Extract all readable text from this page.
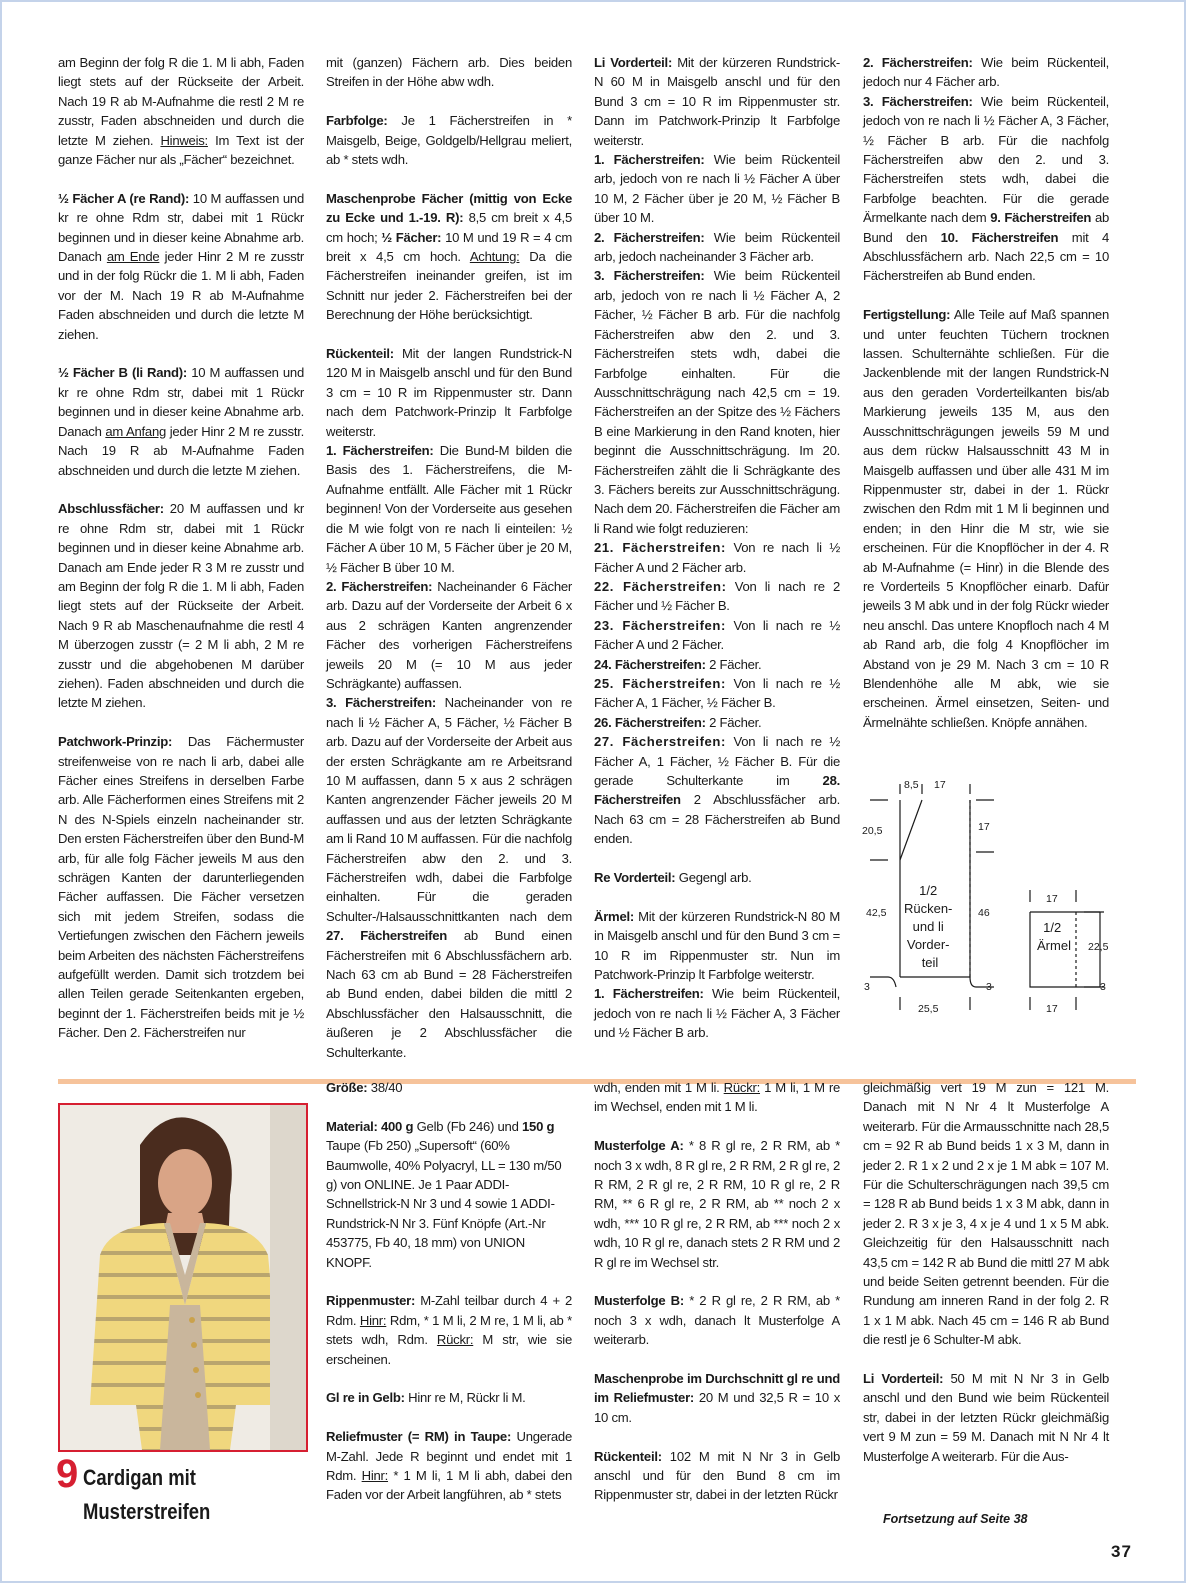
am Beginn der folg R die 1. M li abh, Faden liegt stets auf der Rückseite der Arbeit. Nach 19 R ab M-Aufnahme die restl 2 M re zusstr, Faden abschneiden und durch die letzte M ziehen. Hinweis: Im Text ist der ganze Fächer nur als „Fächer“ bezeichnet.

½ Fächer A (re Rand): 10 M auffassen und kr re ohne Rdm str, dabei mit 1 Rückr beginnen und in dieser keine Abnahme arb. Danach am Ende jeder Hinr 2 M re zusstr und in der folg Rückr die 1. M li abh, Faden vor der M. Nach 19 R ab M-Aufnahme Faden abschneiden und durch die letzte M ziehen.

½ Fächer B (li Rand): 10 M auffassen und kr re ohne Rdm str, dabei mit 1 Rückr beginnen und in dieser keine Abnahme arb. Danach am Anfang jeder Hinr 2 M re zusstr. Nach 19 R ab M-Aufnahme Faden abschneiden und durch die letzte M ziehen.

Abschlussfächer: 20 M auffassen und kr re ohne Rdm str, dabei mit 1 Rückr beginnen und in dieser keine Abnahme arb. Danach am Ende jeder R 3 M re zusstr und am Beginn der folg R die 1. M li abh, Faden liegt stets auf der Rückseite der Arbeit. Nach 9 R ab Maschenaufnahme die restl 4 M überzogen zusstr (= 2 M li abh, 2 M re zusstr und die abgehobenen M darüber ziehen). Faden abschneiden und durch die letzte M ziehen.

Patchwork-Prinzip: Das Fächermuster streifenweise von re nach li arb, dabei alle Fächer eines Streifens in derselben Farbe arb. Alle Fächerformen eines Streifens mit 2 N des N-Spiels einzeln nacheinander str. Den ersten Fächerstreifen über den Bund-M arb, für alle folg Fächer jeweils M aus den schrägen Kanten der darunterliegenden Fächer auffassen. Die Fächer versetzen sich mit jedem Streifen, sodass die Vertiefungen zwischen den Fächern jeweils beim Arbeiten des nächsten Fächerstreifens aufgefüllt werden. Damit sich trotzdem bei allen Teilen gerade Seitenkanten ergeben, beginnt der 1. Fächerstreifen beids mit je ½ Fächer. Den 2. Fächerstreifen nur

mit (ganzen) Fächern arb. Dies beiden Streifen in der Höhe abw wdh.

Farbfolge: Je 1 Fächerstreifen in * Maisgelb, Beige, Goldgelb/Hellgrau meliert, ab * stets wdh.

Maschenprobe Fächer (mittig von Ecke zu Ecke und 1.-19. R): 8,5 cm breit x 4,5 cm hoch; ½ Fächer: 10 M und 19 R = 4 cm breit x 4,5 cm hoch. Achtung: Da die Fächerstreifen ineinander greifen, ist im Schnitt nur jeder 2. Fächerstreifen bei der Berechnung der Höhe berücksichtigt.

Rückenteil: Mit der langen Rundstrick-N 120 M in Maisgelb anschl und für den Bund 3 cm = 10 R im Rippenmuster str. Dann nach dem Patchwork-Prinzip lt Farbfolge weiterstr.
1. Fächerstreifen: Die Bund-M bilden die Basis des 1. Fächerstreifens, die M-Aufnahme entfällt. Alle Fächer mit 1 Rückr beginnen! Von der Vorderseite aus gesehen die M wie folgt von re nach li einteilen: ½ Fächer A über 10 M, 5 Fächer über je 20 M, ½ Fächer B über 10 M.
2. Fächerstreifen: Nacheinander 6 Fächer arb. Dazu auf der Vorderseite der Arbeit 6 x aus 2 schrägen Kanten angrenzender Fächer des vorherigen Fächerstreifens jeweils 20 M (= 10 M aus jeder Schrägkante) auffassen.
3. Fächerstreifen: Nacheinander von re nach li ½ Fächer A, 5 Fächer, ½ Fächer B arb. Dazu auf der Vorderseite der Arbeit aus der ersten Schrägkante am re Arbeitsrand 10 M auffassen, dann 5 x aus 2 schrägen Kanten angrenzender Fächer jeweils 20 M auffassen und aus der letzten Schrägkante am li Rand 10 M auffassen. Für die nachfolg Fächerstreifen abw den 2. und 3. Fächerstreifen wdh, dabei die Farbfolge einhalten. Für die geraden Schulter-/Halsausschnittkanten nach dem 27. Fächerstreifen ab Bund einen Fächerstreifen mit 6 Abschlussfächern arb. Nach 63 cm ab Bund = 28 Fächerstreifen ab Bund enden, dabei bilden die mittl 2 Abschlussfächer den Halsausschnitt, die äußeren je 2 Abschlussfächer die Schulterkante.

Li Vorderteil: Mit der kürzeren Rundstrick-N 60 M in Maisgelb anschl und für den Bund 3 cm = 10 R im Rippenmuster str. Dann im Patchwork-Prinzip lt Farbfolge weiterstr.
1. Fächerstreifen: Wie beim Rückenteil arb, jedoch von re nach li ½ Fächer A über 10 M, 2 Fächer über je 20 M, ½ Fächer B über 10 M.
2. Fächerstreifen: Wie beim Rückenteil arb, jedoch nacheinander 3 Fächer arb.
3. Fächerstreifen: Wie beim Rückenteil arb, jedoch von re nach li ½ Fächer A, 2 Fächer, ½ Fächer B arb. Für die nachfolg Fächerstreifen abw den 2. und 3. Fächerstreifen stets wdh, dabei die Farbfolge einhalten. Für die Ausschnittschrägung nach 42,5 cm = 19. Fächerstreifen an der Spitze des ½ Fächers B eine Markierung in den Rand knoten, hier beginnt die Ausschnittschrägung. Im 20. Fächerstreifen zählt die li Schrägkante des 3. Fächers bereits zur Ausschnittschrägung. Nach dem 20. Fächerstreifen die Fächer am li Rand wie folgt reduzieren:
21. Fächerstreifen: Von re nach li ½ Fächer A und 2 Fächer arb.
22. Fächerstreifen: Von li nach re 2 Fächer und ½ Fächer B.
23. Fächerstreifen: Von li nach re ½ Fächer A und 2 Fächer.
24. Fächerstreifen: 2 Fächer.
25. Fächerstreifen: Von li nach re ½ Fächer A, 1 Fächer, ½ Fächer B.
26. Fächerstreifen: 2 Fächer.
27. Fächerstreifen: Von li nach re ½ Fächer A, 1 Fächer, ½ Fächer B. Für die gerade Schulterkante im 28. Fächerstreifen 2 Abschlussfächer arb. Nach 63 cm = 28 Fächerstreifen ab Bund enden.

Re Vorderteil: Gegengl arb.

Ärmel: Mit der kürzeren Rundstrick-N 80 M in Maisgelb anschl und für den Bund 3 cm = 10 R im Rippenmuster str. Nun im Patchwork-Prinzip lt Farbfolge weiterstr.
1. Fächerstreifen: Wie beim Rückenteil, jedoch von re nach li ½ Fächer A, 3 Fächer und ½ Fächer B arb.

2. Fächerstreifen: Wie beim Rückenteil, jedoch nur 4 Fächer arb.
3. Fächerstreifen: Wie beim Rückenteil, jedoch von re nach li ½ Fächer A, 3 Fächer, ½ Fächer B arb. Für die nachfolg Fächerstreifen abw den 2. und 3. Fächerstreifen stets wdh, dabei die Farbfolge beachten. Für die gerade Ärmelkante nach dem 9. Fächerstreifen ab Bund den 10. Fächerstreifen mit 4 Abschlussfächern arb. Nach 22,5 cm = 10 Fächerstreifen ab Bund enden.

Fertigstellung: Alle Teile auf Maß spannen und unter feuchten Tüchern trocknen lassen. Schulternähte schließen. Für die Jackenblende mit der langen Rundstrick-N aus den geraden Vorderteilkanten bis/ab Markierung jeweils 135 M, aus den Ausschnittschrägungen jeweils 59 M und aus dem rückw Halsausschnitt 43 M in Maisgelb auffassen und über alle 431 M im Rippenmuster str, dabei in der 1. Rückr zwischen den Rdm mit 1 M li beginnen und enden; in den Hinr die M str, wie sie erscheinen. Für die Knopflöcher in der 4. R ab M-Aufnahme (= Hinr) in die Blende des re Vorderteils 5 Knopflöcher einarb. Dafür jeweils 3 M abk und in der folg Rückr wieder neu anschl. Das untere Knopfloch nach 4 M ab Rand arb, die folg 4 Knopflöcher im Abstand von je 29 M. Nach 3 cm = 10 R Blendenhöhe alle M abk, wie sie erscheinen. Ärmel einsetzen, Seiten- und Ärmelnähte schließen. Knöpfe annähen.

8,5 17
20,5	17
42,5	46
3	3
25,5
1/2 Rücken- und li Vorder- teil
17
22,5
3
17
1/2 Ärmel
9 Cardigan mit
Musterstreifen

Größe: 38/40

Material: 400 g Gelb (Fb 246) und 150 g Taupe (Fb 250) „Supersoft“ (60% Baumwolle, 40% Polyacryl, LL = 130 m/50 g) von ONLINE. Je 1 Paar ADDI-Schnellstrick-N Nr 3 und 4 sowie 1 ADDI-Rundstrick-N Nr 3. Fünf Knöpfe (Art.-Nr 453775, Fb 40, 18 mm) von UNION KNOPF.

Rippenmuster: M-Zahl teilbar durch 4 + 2 Rdm. Hinr: Rdm, * 1 M li, 2 M re, 1 M li, ab * stets wdh, Rdm. Rückr: M str, wie sie erscheinen.

Gl re in Gelb: Hinr re M, Rückr li M.

Reliefmuster (= RM) in Taupe: Ungerade M-Zahl. Jede R beginnt und endet mit 1 Rdm. Hinr: * 1 M li, 1 M li abh, dabei den Faden vor der Arbeit langführen, ab * stets

wdh, enden mit 1 M li. Rückr: 1 M li, 1 M re im Wechsel, enden mit 1 M li.

Musterfolge A: * 8 R gl re, 2 R RM, ab * noch 3 x wdh, 8 R gl re, 2 R RM, 2 R gl re, 2 R RM, 2 R gl re, 2 R RM, 10 R gl re, 2 R RM, ** 6 R gl re, 2 R RM, ab ** noch 2 x wdh, *** 10 R gl re, 2 R RM, ab *** noch 2 x wdh, 10 R gl re, danach stets 2 R RM und 2 R gl re im Wechsel str.

Musterfolge B: * 2 R gl re, 2 R RM, ab * noch 3 x wdh, danach lt Musterfolge A weiterarb.

Maschenprobe im Durchschnitt gl re und im Reliefmuster: 20 M und 32,5 R = 10 x 10 cm.

Rückenteil: 102 M mit N Nr 3 in Gelb anschl und für den Bund 8 cm im Rippenmuster str, dabei in der letzten Rückr

gleichmäßig vert 19 M zun = 121 M. Danach mit N Nr 4 lt Musterfolge A weiterarb. Für die Armausschnitte nach 28,5 cm = 92 R ab Bund beids 1 x 3 M, dann in jeder 2. R 1 x 2 und 2 x je 1 M abk = 107 M. Für die Schulterschrägungen nach 39,5 cm = 128 R ab Bund beids 1 x 3 M abk, dann in jeder 2. R 3 x je 3, 4 x je 4 und 1 x 5 M abk. Gleichzeitig für den Halsausschnitt nach 43,5 cm = 142 R ab Bund die mittl 27 M abk und beide Seiten getrennt beenden. Für die Rundung am inneren Rand in der folg 2. R 1 x 1 M abk. Nach 45 cm = 146 R ab Bund die restl je 6 Schulter-M abk.

Li Vorderteil: 50 M mit N Nr 3 in Gelb anschl und den Bund wie beim Rückenteil str, dabei in der letzten Rückr gleichmäßig vert 9 M zun = 59 M. Danach mit N Nr 4 lt Musterfolge A weiterarb. Für die Aus-

Fortsetzung auf Seite 38
37
